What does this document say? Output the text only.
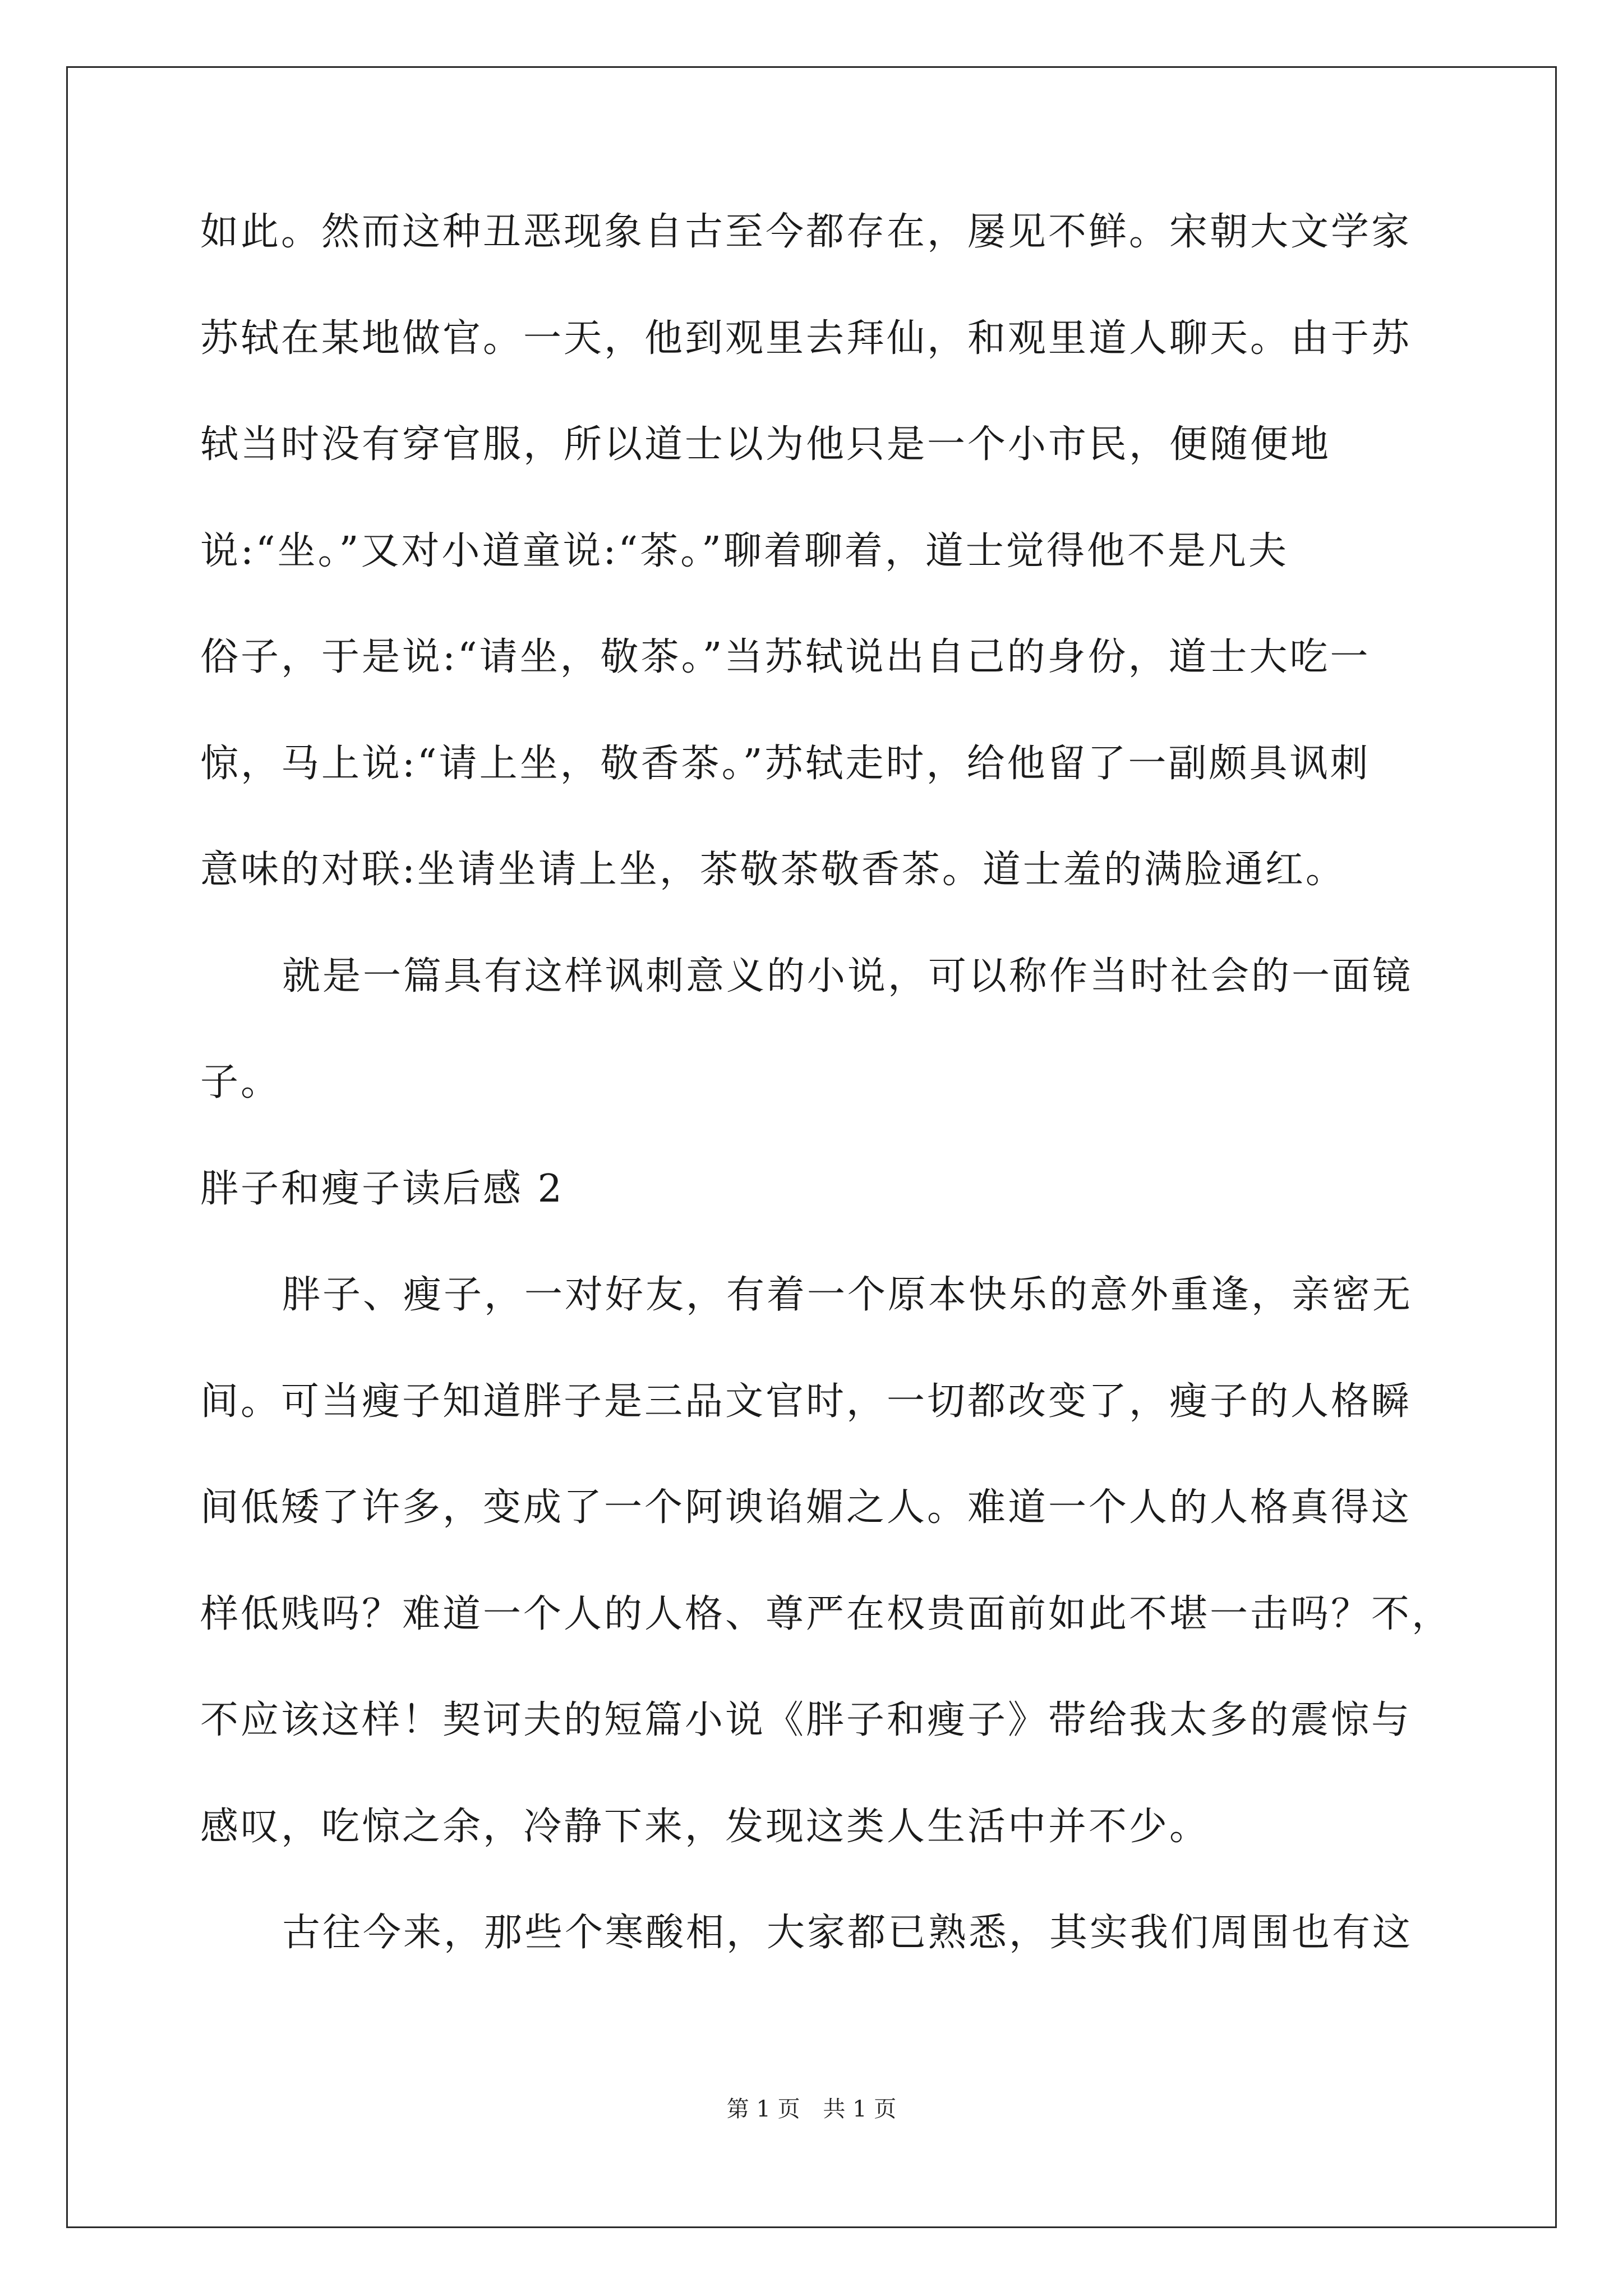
如此。然而这种丑恶现象自古至今都存在，屡见不鲜。宋朝大文学家
苏轼在某地做官。一天，他到观里去拜仙，和观里道人聊天。由于苏
轼当时没有穿官服，所以道士以为他只是一个小市民，便随便地
说:“坐。”又对小道童说:“茶。”聊着聊着，道士觉得他不是凡夫
俗子，于是说:“请坐，敬茶。”当苏轼说出自己的身份，道士大吃一
惊，马上说:“请上坐，敬香茶。”苏轼走时，给他留了一副颇具讽刺
意味的对联:坐请坐请上坐，茶敬茶敬香茶。道士羞的满脸通红。
就是一篇具有这样讽刺意义的小说，可以称作当时社会的一面镜
子。
胖子和瘦子读后感 2
胖子、瘦子，一对好友，有着一个原本快乐的意外重逢，亲密无
间。可当瘦子知道胖子是三品文官时，一切都改变了，瘦子的人格瞬
间低矮了许多，变成了一个阿谀谄媚之人。难道一个人的人格真得这
样低贱吗？难道一个人的人格、尊严在权贵面前如此不堪一击吗？不，
不应该这样！契诃夫的短篇小说《胖子和瘦子》带给我太多的震惊与
感叹，吃惊之余，冷静下来，发现这类人生活中并不少。
古往今来，那些个寒酸相，大家都已熟悉，其实我们周围也有这
第 1 页 共 1 页
